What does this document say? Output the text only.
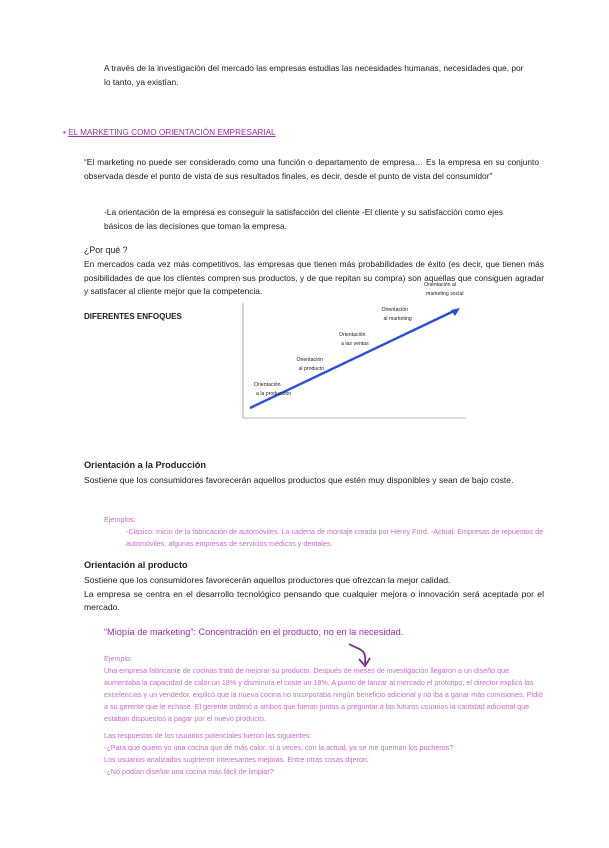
A través de la investigación del mercado las empresas estudias las necesidades humanas, necesidades que, por lo tanto, ya existían.
• EL MARKETING COMO ORIENTACIÓN EMPRESARIAL
“El marketing no puede ser considerado como una función o departamento de empresa… Es la empresa en su conjunto observada desde el punto de vista de sus resultados finales, es decir, desde el punto de vista del consumidor”
-La orientación de la empresa es conseguir la satisfacción del cliente -El cliente y su satisfacción como ejes básicos de las decisiones que toman la empresa.
¿Por qué ?
En mercados cada vez más competitivos, las empresas que tienen más probabilidades de éxito (es decir, que tienen más posibilidades de que los clientes compren sus productos, y de que repitan su compra) son aquellas que consiguen agradar y satisfacer al cliente mejor que la competencia.
DIFERENTES ENFOQUES
Orientación
a la producción
Orientación
al producto
Orientación
a las ventas
Orientación
al marketing
Orientación al
marketing social
Orientación a la Producción
Sostiene que los consumidores favorecerán aquellos productos que estén muy disponibles y sean de bajo coste.
Ejemplos:
-Clásico: Inicio de la fabricación de automóviles. La cadena de montaje creada por Henry Ford. -Actual: Empresas de repuestos de automóviles, algunas empresas de servicios médicos y dentales.
Orientación al producto
Sostiene que los consumidores favorecerán aquellos productores que ofrezcan la mejor calidad.
La empresa se centra en el desarrollo tecnológico pensando que cualquier mejora o innovación será aceptada por el mercado.
“Miopía de marketing”: Concentración en el producto, no en la necesidad.
Ejemplo:
Una empresa fabricante de cocinas trató de mejorar su producto. Después de meses de investigación llegaron a un diseño que aumentaba la capacidad de calor un 18% y disminuía el coste un 18%. A punto de lanzar al mercado el prototipo, el director explicó las excelencias y un vendedor, explicó que la nueva cocina no incorporaba ningún beneficio adicional y no iba a ganar más comisiones. Pidió a su gerente que le echase. El gerente ordenó a ambos que fueran juntos a preguntar a los futuros usuarios la cantidad adicional que estaban dispuestos a pagar por el nuevo producto.
Las respuestas de los usuarios potenciales fueron las siguientes:
-¿Para qué quiero yo una cocina que dé más calor, si a veces, con la actual, ya se me queman los pucheros?
Los usuarios analizados sugirieron interesantes mejoras. Entre otras cosas dijeron:
-¿No podían diseñar una cocina más fácil de limpiar?
